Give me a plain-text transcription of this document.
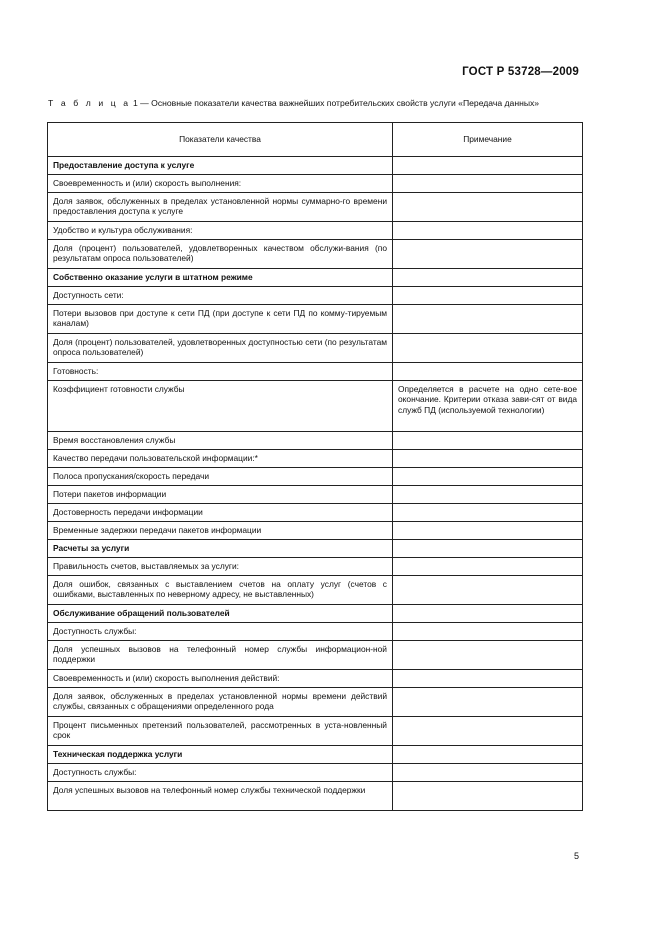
ГОСТ Р 53728—2009
Т а б л и ц а 1 — Основные показатели качества важнейших потребительских свойств услуги «Передача данных»
Показатели качества	Примечание
Предоставление доступа к услуге	
Своевременность и (или) скорость выполнения:	
Доля заявок, обслуженных в пределах установленной нормы суммарно-го времени предоставления доступа к услуге	
Удобство и культура обслуживания:	
Доля (процент) пользователей, удовлетворенных качеством обслужи-вания (по результатам опроса пользователей)	
Собственно оказание услуги в штатном режиме	
Доступность сети:	
Потери вызовов при доступе к сети ПД (при доступе к сети ПД по комму-тируемым каналам)	
Доля (процент) пользователей, удовлетворенных доступностью сети (по результатам опроса пользователей)	
Готовность:	
Коэффициент готовности службы	Определяется в расчете на одно сете-вое окончание. Критерии отказа зави-сят от вида служб ПД (используемой технологии)
Время восстановления службы	
Качество передачи пользовательской информации:*	
Полоса пропускания/скорость передачи	
Потери пакетов информации	
Достоверность передачи информации	
Временные задержки передачи пакетов информации	
Расчеты за услуги	
Правильность счетов, выставляемых за услуги:	
Доля ошибок, связанных с выставлением счетов на оплату услуг (счетов с ошибками, выставленных по неверному адресу, не выставленных)	
Обслуживание обращений пользователей	
Доступность службы:	
Доля успешных вызовов на телефонный номер службы информацион-ной поддержки	
Своевременность и (или) скорость выполнения действий:	
Доля заявок, обслуженных в пределах установленной нормы времени действий службы, связанных с обращениями определенного рода	
Процент письменных претензий пользователей, рассмотренных в уста-новленный срок	
Техническая поддержка услуги	
Доступность службы:	
Доля успешных вызовов на телефонный номер службы технической поддержки	
5
